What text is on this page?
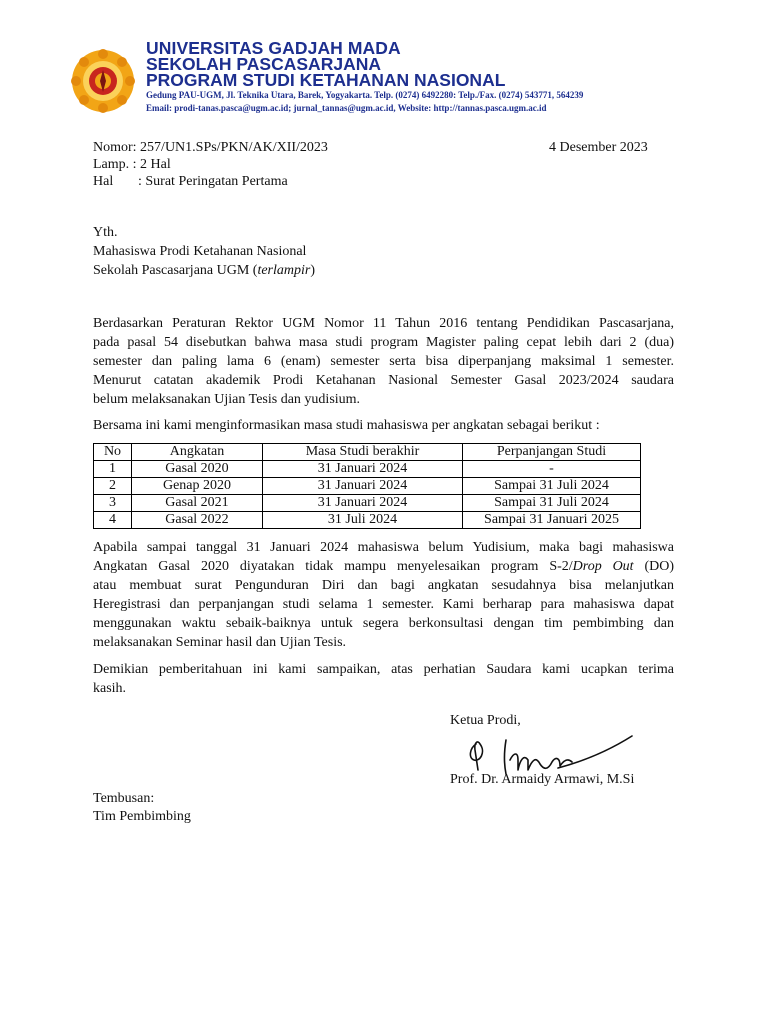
UNIVERSITAS GADJAH MADA
SEKOLAH PASCASARJANA
PROGRAM STUDI KETAHANAN NASIONAL
Gedung PAU-UGM, Jl. Teknika Utara, Barek, Yogyakarta. Telp. (0274) 6492280: Telp./Fax. (0274) 543771, 564239
Email: prodi-tanas.pasca@ugm.ac.id; jurnal_tannas@ugm.ac.id, Website: http://tannas.pasca.ugm.ac.id
Nomor: 257/UN1.SPs/PKN/AK/XII/2023	4 Desember 2023
Lamp. : 2 Hal
Hal : Surat Peringatan Pertama
Yth.
Mahasiswa Prodi Ketahanan Nasional
Sekolah Pascasarjana UGM (terlampir)
Berdasarkan Peraturan Rektor UGM Nomor 11 Tahun 2016 tentang Pendidikan Pascasarjana,
pada pasal 54 disebutkan bahwa masa studi program Magister paling cepat lebih dari 2 (dua)
semester dan paling lama 6 (enam) semester serta bisa diperpanjang maksimal 1 semester.
Menurut catatan akademik Prodi Ketahanan Nasional Semester Gasal 2023/2024 saudara
belum melaksanakan Ujian Tesis dan yudisium.
Bersama ini kami menginformasikan masa studi mahasiswa per angkatan sebagai berikut :
No	Angkatan	Masa Studi berakhir	Perpanjangan Studi
1	Gasal 2020	31 Januari 2024	-
2	Genap 2020	31 Januari 2024	Sampai 31 Juli 2024
3	Gasal 2021	31 Januari 2024	Sampai 31 Juli 2024
4	Gasal 2022	31 Juli 2024	Sampai 31 Januari 2025
Apabila sampai tanggal 31 Januari 2024 mahasiswa belum Yudisium, maka bagi mahasiswa
Angkatan Gasal 2020 diyatakan tidak mampu menyelesaikan program S-2/Drop Out (DO)
atau membuat surat Pengunduran Diri dan bagi angkatan sesudahnya bisa melanjutkan
Heregistrasi dan perpanjangan studi selama 1 semester. Kami berharap para mahasiswa dapat
menggunakan waktu sebaik-baiknya untuk segera berkonsultasi dengan tim pembimbing dan
melaksanakan Seminar hasil dan Ujian Tesis.
Demikian pemberitahuan ini kami sampaikan, atas perhatian Saudara kami ucapkan terima
kasih.
Ketua Prodi,
Prof. Dr. Armaidy Armawi, M.Si
Tembusan:
Tim Pembimbing
